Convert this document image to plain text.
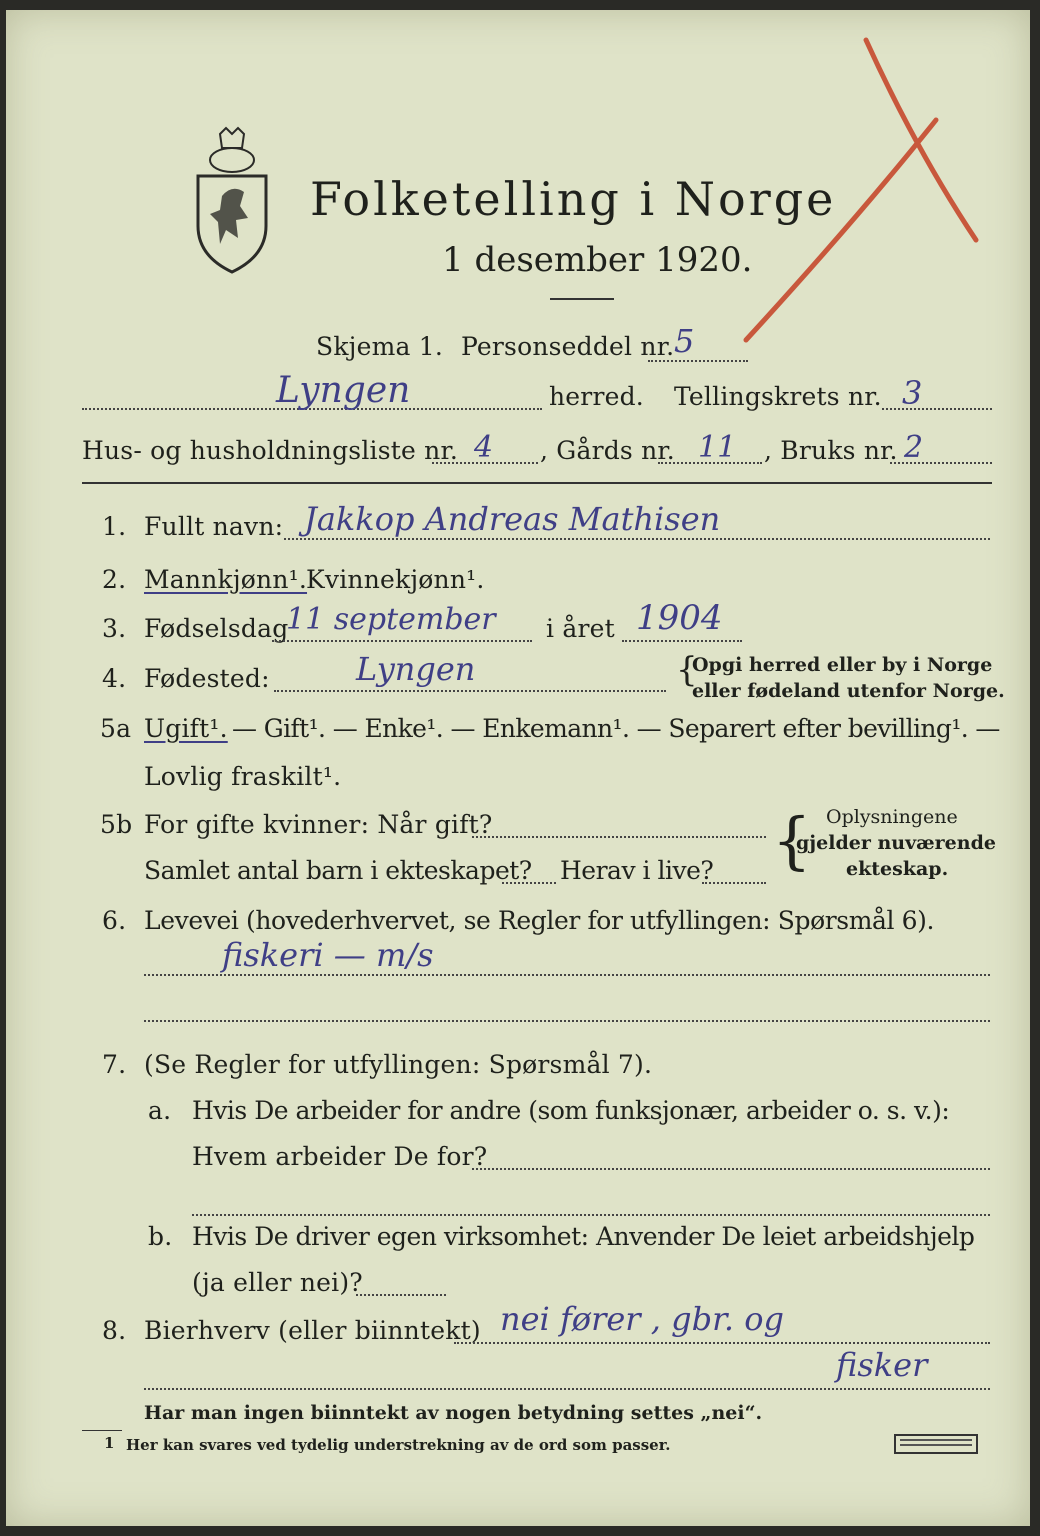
Folketelling i Norge
1 desember 1920.
Skjema 1. Personseddel nr. 5
Lyngen	herred. Tellingskrets nr. 3
Hus- og husholdningsliste nr. 4 , Gårds nr. 11 , Bruks nr. 2
1. Fullt navn: Jakkop Andreas Mathisen
2. Mannkjønn¹.
Kvinnekjønn¹.
3. Fødselsdag
11 september i året 1904
4. Fødested:	Lyngen	{
Opgi herred eller by i Norge
eller fødeland utenfor Norge.
5a Ugift¹. — Gift¹. — Enke¹. — Enkemann¹. — Separert efter bevilling¹. —
Lovlig fraskilt¹.
5b For gifte kvinner: Når gift?
Samlet antal barn i ekteskapet? Herav i live? { Oplysningene
gjelder nuværende
ekteskap.
6. Levevei (hovederhvervet, se Regler for utfyllingen: Spørsmål 6).
fiskeri — m/s
7. (Se Regler for utfyllingen: Spørsmål 7).
a. Hvis De arbeider for andre (som funksjonær, arbeider o. s. v.):
Hvem arbeider De for?
b. Hvis De driver egen virksomhet: Anvender De leiet arbeidshjelp
(ja eller nei)?
8. Bierhverv (eller biinntekt) nei fører , gbr. og
fisker
Har man ingen biinntekt av nogen betydning settes „nei“.
1 Her kan svares ved tydelig understrekning av de ord som passer.
